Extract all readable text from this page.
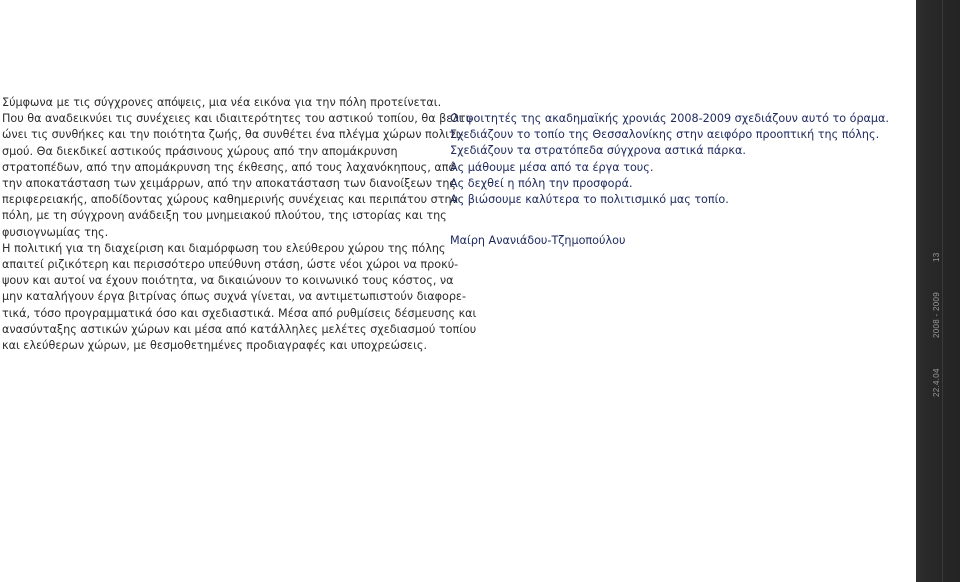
Σύμφωνα με τις σύγχρονες απόψεις, μια νέα εικόνα για την πόλη προτείνεται.
Που θα αναδεικνύει τις συνέχειες και ιδιαιτερότητες του αστικού τοπίου, θα βελτι-
ώνει τις συνθήκες και την ποιότητα ζωής, θα συνθέτει ένα πλέγμα χώρων πολιτι-
σμού. Θα διεκδικεί αστικούς πράσινους χώρους από την απομάκρυνση
στρατοπέδων, από την απομάκρυνση της έκθεσης, από τους λαχανόκηπους, από
την αποκατάσταση των χειμάρρων, από την αποκατάσταση των διανοίξεων της
περιφερειακής, αποδίδοντας χώρους καθημερινής συνέχειας και περιπάτου στην
πόλη, με τη σύγχρονη ανάδειξη του μνημειακού πλούτου, της ιστορίας και της
φυσιογνωμίας της.

Η πολιτική για τη διαχείριση και διαμόρφωση του ελεύθερου χώρου της πόλης
απαιτεί ριζικότερη και περισσότερο υπεύθυνη στάση, ώστε νέοι χώροι να προκύ-
ψουν και αυτοί να έχουν ποιότητα, να δικαιώνουν το κοινωνικό τους κόστος, να
μην καταλήγουν έργα βιτρίνας όπως συχνά γίνεται, να αντιμετωπιστούν διαφορε-
τικά, τόσο προγραμματικά όσο και σχεδιαστικά. Μέσα από ρυθμίσεις δέσμευσης και
ανασύνταξης αστικών χώρων και μέσα από κατάλληλες μελέτες σχεδιασμού τοπίου
και ελεύθερων χώρων, με θεσμοθετημένες προδιαγραφές και υποχρεώσεις.

Οι φοιτητές της ακαδημαϊκής χρονιάς 2008-2009 σχεδιάζουν αυτό το όραμα.
Σχεδιάζουν το τοπίο της Θεσσαλονίκης στην αειφόρο προοπτική της πόλης.
Σχεδιάζουν τα στρατόπεδα σύγχρονα αστικά πάρκα.
Ας μάθουμε μέσα από τα έργα τους.
Ας δεχθεί η πόλη την προσφορά.
Ας βιώσουμε καλύτερα το πολιτισμικό μας τοπίο.
Μαίρη Ανανιάδου-Τζημοπούλου
13
2008 - 2009
22.4.04
